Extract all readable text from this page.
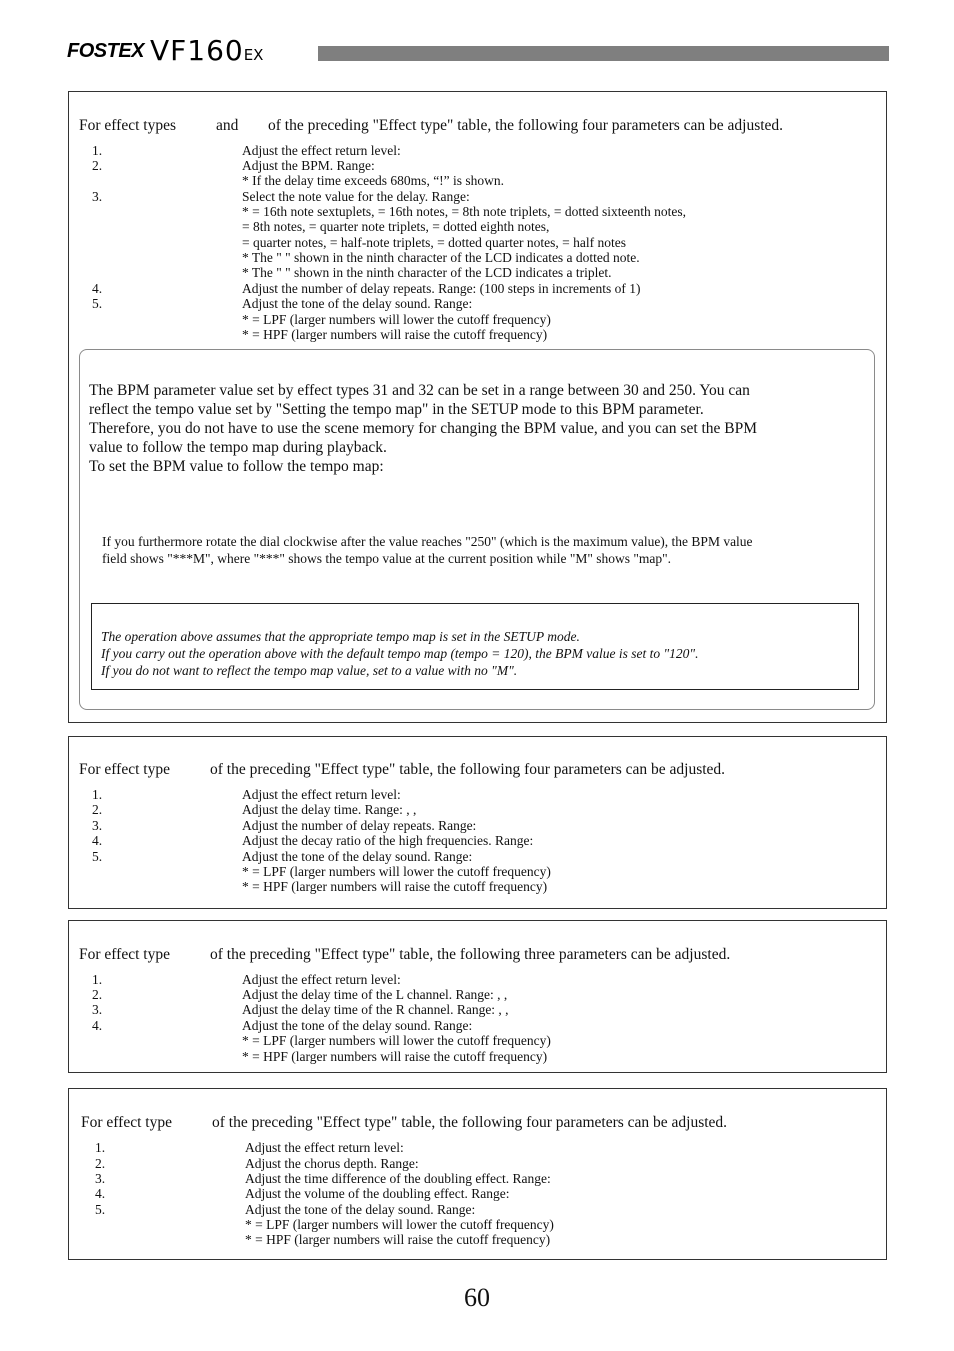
FOSTEX VF160EX
For effect types	and of the preceding "Effect type" table, the following four parameters can be adjusted.
1.	Adjust the effect return level:
2.	Adjust the BPM. Range:
* If the delay time exceeds 680ms, “!” is shown.
3.	Select the note value for the delay. Range:
* = 16th note sextuplets, = 16th notes, = 8th note triplets, = dotted sixteenth notes,
= 8th notes, = quarter note triplets, = dotted eighth notes,
= quarter notes, = half-note triplets, = dotted quarter notes, = half notes
* The " " shown in the ninth character of the LCD indicates a dotted note.
* The " " shown in the ninth character of the LCD indicates a triplet.
4.	Adjust the number of delay repeats. Range: (100 steps in increments of 1)
5.	Adjust the tone of the delay sound. Range:
* = LPF (larger numbers will lower the cutoff frequency)
* = HPF (larger numbers will raise the cutoff frequency)
The BPM parameter value set by effect types 31 and 32 can be set in a range between 30 and 250. You can
reflect the tempo value set by "Setting the tempo map" in the SETUP mode to this BPM parameter.
Therefore, you do not have to use the scene memory for changing the BPM value, and you can set the BPM
value to follow the tempo map during playback.
To set the BPM value to follow the tempo map:
If you furthermore rotate the dial clockwise after the value reaches "250" (which is the maximum value), the BPM value
field shows "***M", where "***" shows the tempo value at the current position while "M" shows "map".
The operation above assumes that the appropriate tempo map is set in the SETUP mode.
If you carry out the operation above with the default tempo map (tempo = 120), the BPM value is set to "120".
If you do not want to reflect the tempo map value, set to a value with no "M".
For effect type	of the preceding "Effect type" table, the following four parameters can be adjusted.
1.	Adjust the effect return level:
2.	Adjust the delay time. Range: , ,
3.	Adjust the number of delay repeats. Range:
4.	Adjust the decay ratio of the high frequencies. Range:
5.	Adjust the tone of the delay sound. Range:
* = LPF (larger numbers will lower the cutoff frequency)
* = HPF (larger numbers will raise the cutoff frequency)
For effect type	of the preceding "Effect type" table, the following three parameters can be adjusted.
1.	Adjust the effect return level:
2.	Adjust the delay time of the L channel. Range: , ,
3.	Adjust the delay time of the R channel. Range: , ,
4.	Adjust the tone of the delay sound. Range:
* = LPF (larger numbers will lower the cutoff frequency)
* = HPF (larger numbers will raise the cutoff frequency)
For effect type	of the preceding "Effect type" table, the following four parameters can be adjusted.
1.	Adjust the effect return level:
2.	Adjust the chorus depth. Range:
3.	Adjust the time difference of the doubling effect. Range:
4.	Adjust the volume of the doubling effect. Range:
5.	Adjust the tone of the delay sound. Range:
* = LPF (larger numbers will lower the cutoff frequency)
* = HPF (larger numbers will raise the cutoff frequency)
60
